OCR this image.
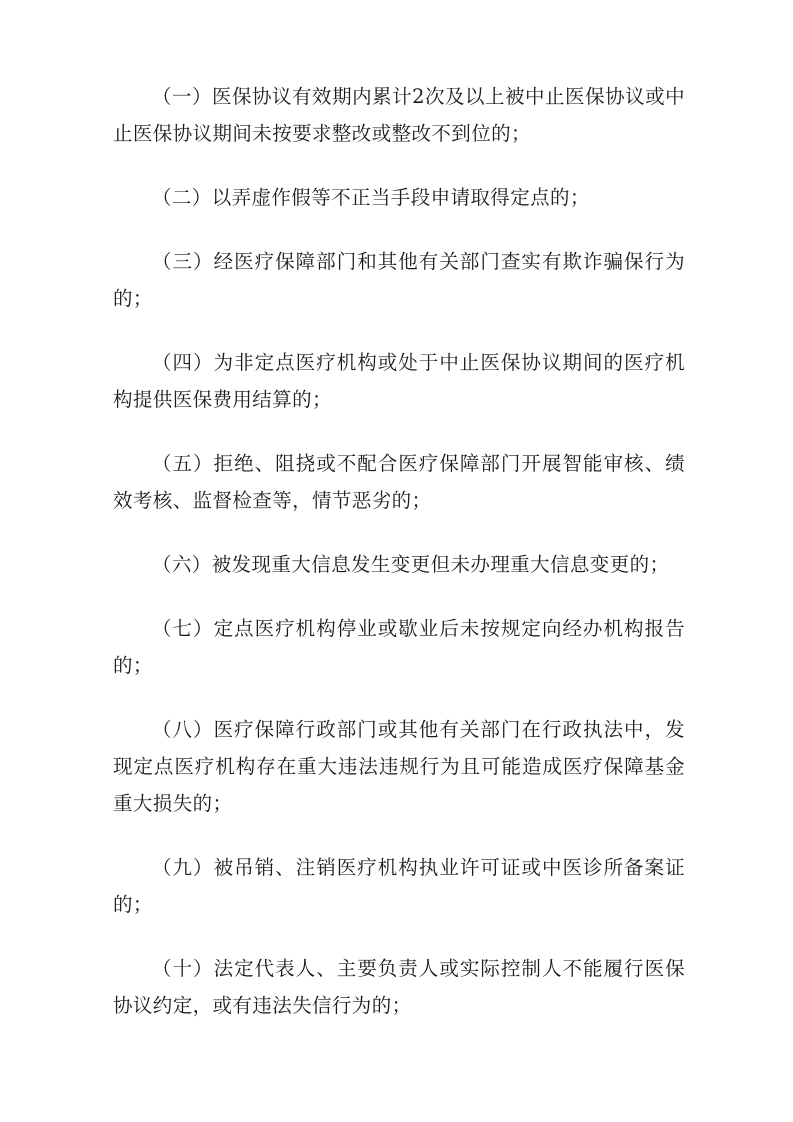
（一）医保协议有效期内累计2次及以上被中止医保协议或中止医保协议期间未按要求整改或整改不到位的；

（二）以弄虚作假等不正当手段申请取得定点的；

（三）经医疗保障部门和其他有关部门查实有欺诈骗保行为的；

（四）为非定点医疗机构或处于中止医保协议期间的医疗机构提供医保费用结算的；

（五）拒绝、阻挠或不配合医疗保障部门开展智能审核、绩效考核、监督检查等，情节恶劣的；

（六）被发现重大信息发生变更但未办理重大信息变更的；

（七）定点医疗机构停业或歇业后未按规定向经办机构报告的；

（八）医疗保障行政部门或其他有关部门在行政执法中，发现定点医疗机构存在重大违法违规行为且可能造成医疗保障基金重大损失的；

（九）被吊销、注销医疗机构执业许可证或中医诊所备案证的；

（十）法定代表人、主要负责人或实际控制人不能履行医保协议约定，或有违法失信行为的；
